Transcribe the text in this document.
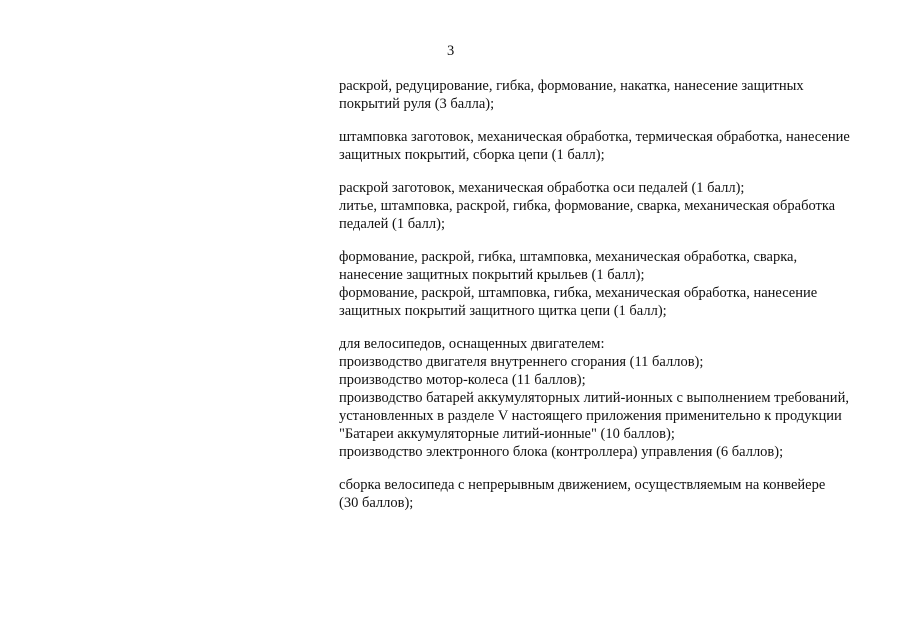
3

раскрой, редуцирование, гибка, формование, накатка, нанесение защитных
покрытий руля (3 балла);

штамповка заготовок, механическая обработка, термическая обработка, нанесение
защитных покрытий, сборка цепи (1 балл);

раскрой заготовок, механическая обработка оси педалей (1 балл);
литье, штамповка, раскрой, гибка, формование, сварка, механическая обработка
педалей (1 балл);

формование, раскрой, гибка, штамповка, механическая обработка, сварка,
нанесение защитных покрытий крыльев (1 балл);
формование, раскрой, штамповка, гибка, механическая обработка, нанесение
защитных покрытий защитного щитка цепи (1 балл);

для велосипедов, оснащенных двигателем:
производство двигателя внутреннего сгорания (11 баллов);
производство мотор-колеса (11 баллов);
производство батарей аккумуляторных литий-ионных с выполнением требований,
установленных в разделе V настоящего приложения применительно к продукции
"Батареи аккумуляторные литий-ионные" (10 баллов);
производство электронного блока (контроллера) управления (6 баллов);

сборка велосипеда с непрерывным движением, осуществляемым на конвейере
(30 баллов);
